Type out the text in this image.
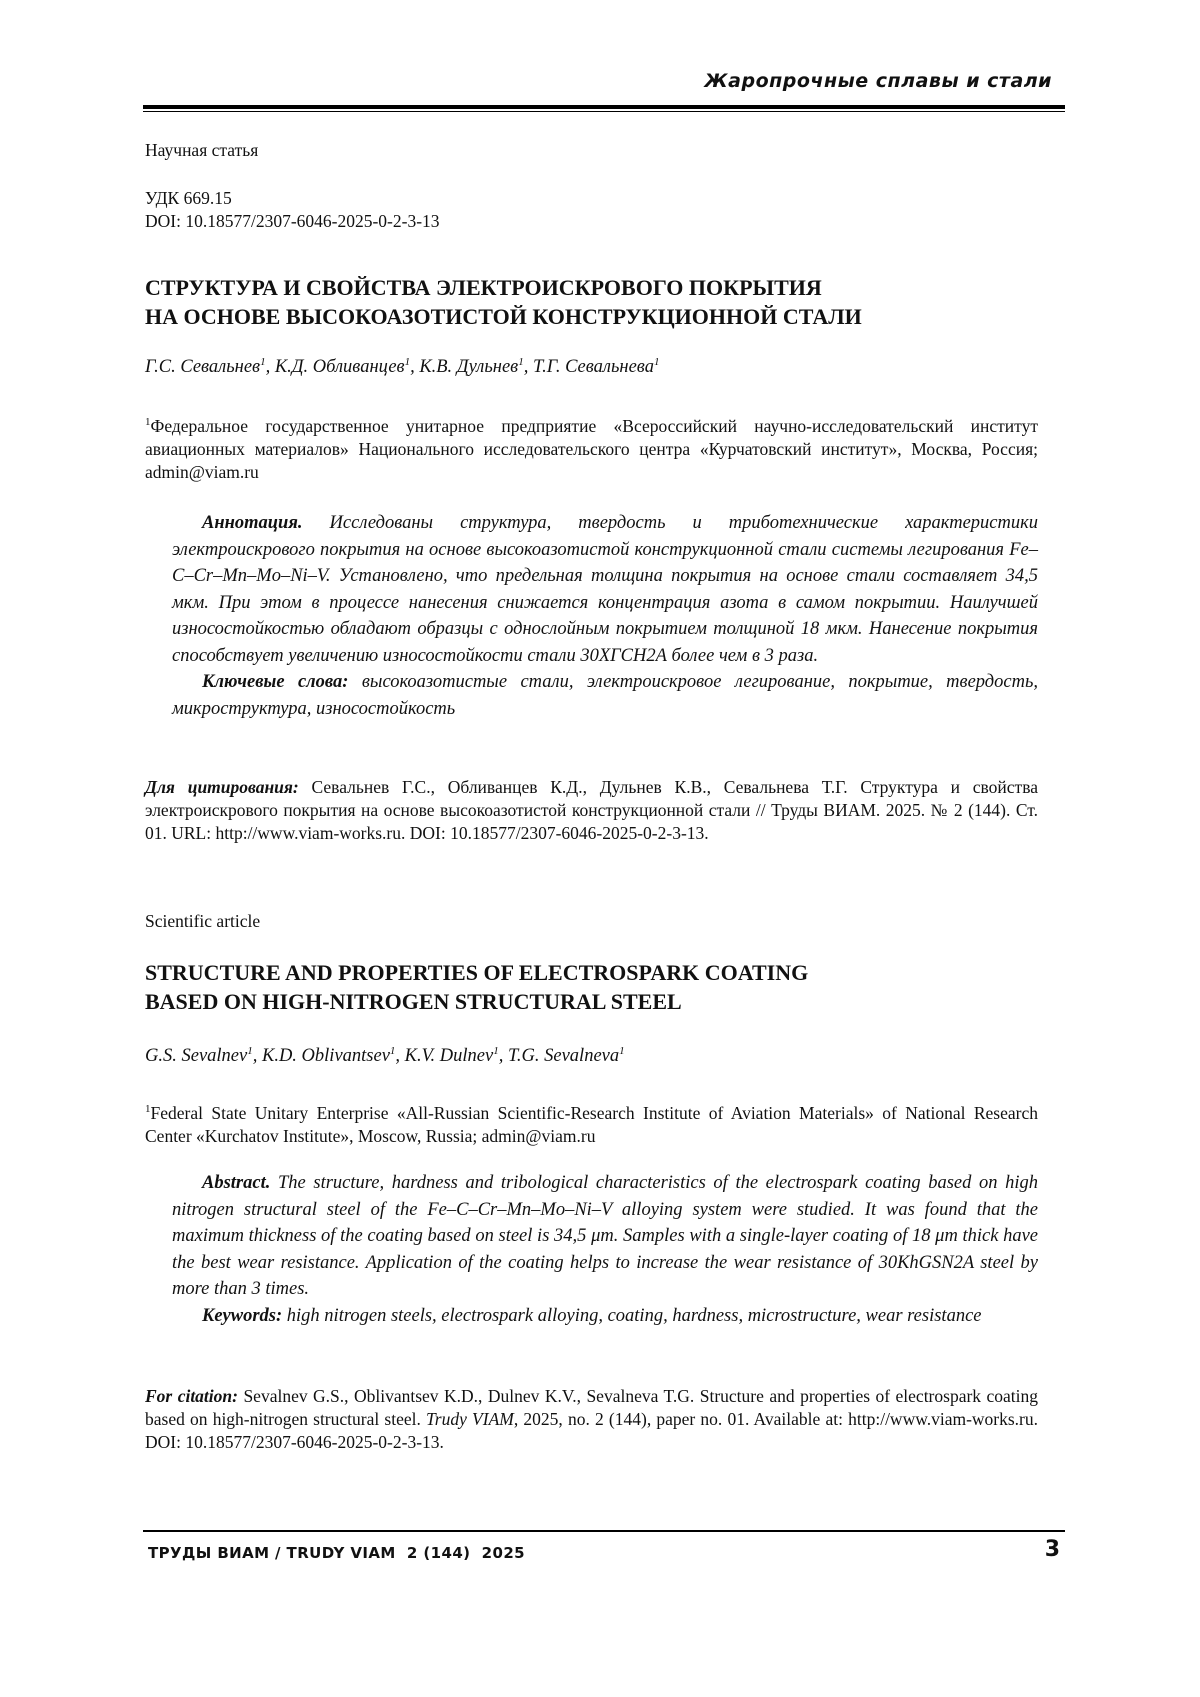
Жаропрочные сплавы и стали
Научная статья
УДК 669.15
DOI: 10.18577/2307-6046-2025-0-2-3-13
СТРУКТУРА И СВОЙСТВА ЭЛЕКТРОИСКРОВОГО ПОКРЫТИЯ
НА ОСНОВЕ ВЫСОКОАЗОТИСТОЙ КОНСТРУКЦИОННОЙ СТАЛИ
Г.С. Севальнев$^1$, К.Д. Обливанцев$^1$, К.В. Дульнев$^1$, Т.Г. Севальнева$^1$
$^1$Федеральное государственное унитарное предприятие «Всероссийский научно-исследовательский институт авиационных материалов» Национального исследовательского центра «Курчатовский институт», Москва, Россия; admin@viam.ru

Аннотация. Исследованы структура, твердость и триботехнические характеристики электроискрового покрытия на основе высокоазотистой конструкционной стали системы легирования Fe–C–Cr–Mn–Mo–Ni–V. Установлено, что предельная толщина покрытия на основе стали составляет 34,5 мкм. При этом в процессе нанесения снижается концентрация азота в самом покрытии. Наилучшей износостойкостью обладают образцы с однослойным покрытием толщиной 18 мкм. Нанесение покрытия способствует увеличению износостойкости стали 30ХГСН2А более чем в 3 раза.

Ключевые слова: высокоазотистые стали, электроискровое легирование, покрытие, твердость, микроструктура, износостойкость

Для цитирования: Севальнев Г.С., Обливанцев К.Д., Дульнев К.В., Севальнева Т.Г. Структура и свойства электроискрового покрытия на основе высокоазотистой конструкционной стали // Труды ВИАМ. 2025. № 2 (144). Ст. 01. URL: http://www.viam-works.ru. DOI: 10.18577/2307-6046-2025-0-2-3-13.
Scientific article
STRUCTURE AND PROPERTIES OF ELECTROSPARK COATING
BASED ON HIGH-NITROGEN STRUCTURAL STEEL
G.S. Sevalnev$^1$, K.D. Oblivantsev$^1$, K.V. Dulnev$^1$, T.G. Sevalneva$^1$
$^1$Federal State Unitary Enterprise «All-Russian Scientific-Research Institute of Aviation Materials» of National Research Center «Kurchatov Institute», Moscow, Russia; admin@viam.ru

Abstract. The structure, hardness and tribological characteristics of the electrospark coating based on high nitrogen structural steel of the Fe–C–Cr–Mn–Mo–Ni–V alloying system were studied. It was found that the maximum thickness of the coating based on steel is 34,5 μm. Samples with a single-layer coating of 18 μm thick have the best wear resistance. Application of the coating helps to increase the wear resistance of 30KhGSN2A steel by more than 3 times.

Keywords: high nitrogen steels, electrospark alloying, coating, hardness, microstructure, wear resistance

For citation: Sevalnev G.S., Oblivantsev K.D., Dulnev K.V., Sevalneva T.G. Structure and properties of electrospark coating based on high-nitrogen structural steel. Trudy VIAM, 2025, no. 2 (144), paper no. 01. Available at: http://www.viam-works.ru. DOI: 10.18577/2307-6046-2025-0-2-3-13.
ТРУДЫ ВИАМ / TRUDY VIAM  2 (144)  2025	3
